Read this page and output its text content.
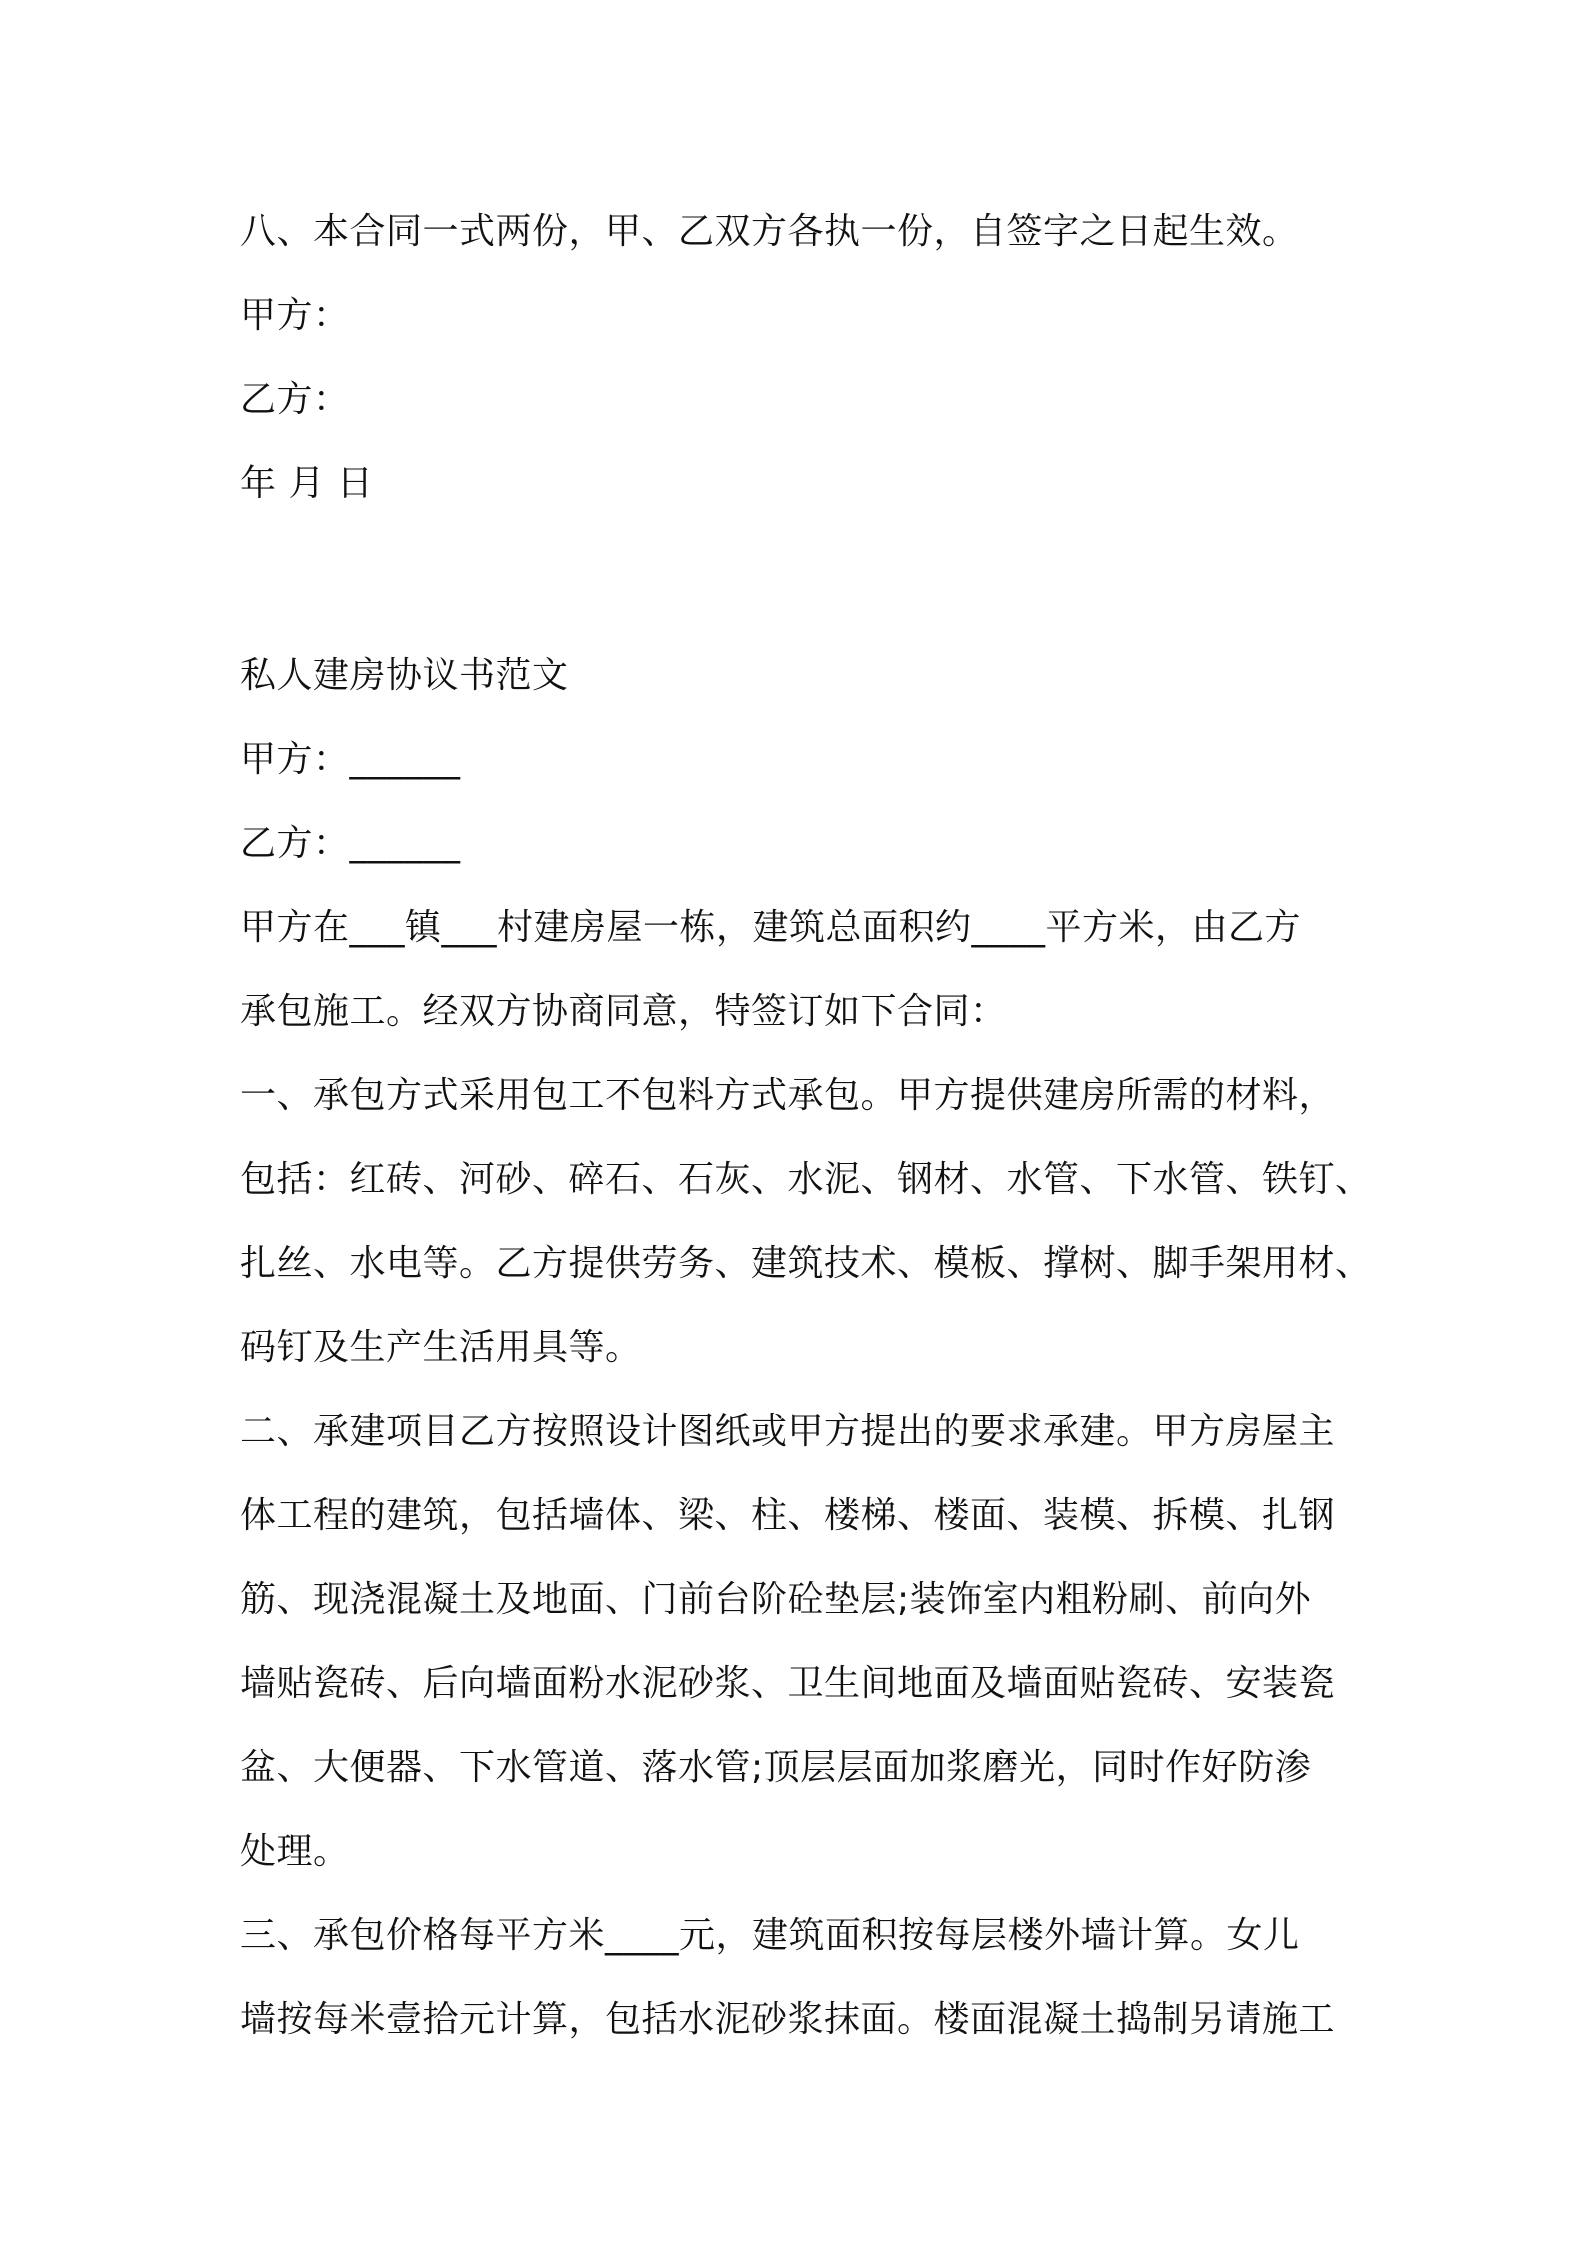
八、本合同一式两份，甲、乙双方各执一份，自签字之日起生效。
甲方：
乙方：
年 月 日
私人建房协议书范文
甲方：______
乙方：______
甲方在___镇___村建房屋一栋，建筑总面积约____平方米，由乙方
承包施工。经双方协商同意，特签订如下合同：
一、承包方式采用包工不包料方式承包。甲方提供建房所需的材料，
包括：红砖、河砂、碎石、石灰、水泥、钢材、水管、下水管、铁钉、
扎丝、水电等。乙方提供劳务、建筑技术、模板、撑树、脚手架用材、
码钉及生产生活用具等。
二、承建项目乙方按照设计图纸或甲方提出的要求承建。甲方房屋主
体工程的建筑，包括墙体、梁、柱、楼梯、楼面、装模、拆模、扎钢
筋、现浇混凝土及地面、门前台阶砼垫层;装饰室内粗粉刷、前向外
墙贴瓷砖、后向墙面粉水泥砂浆、卫生间地面及墙面贴瓷砖、安装瓷
盆、大便器、下水管道、落水管;顶层层面加浆磨光，同时作好防渗
处理。
三、承包价格每平方米____元，建筑面积按每层楼外墙计算。女儿
墙按每米壹拾元计算，包括水泥砂浆抹面。楼面混凝土捣制另请施工
